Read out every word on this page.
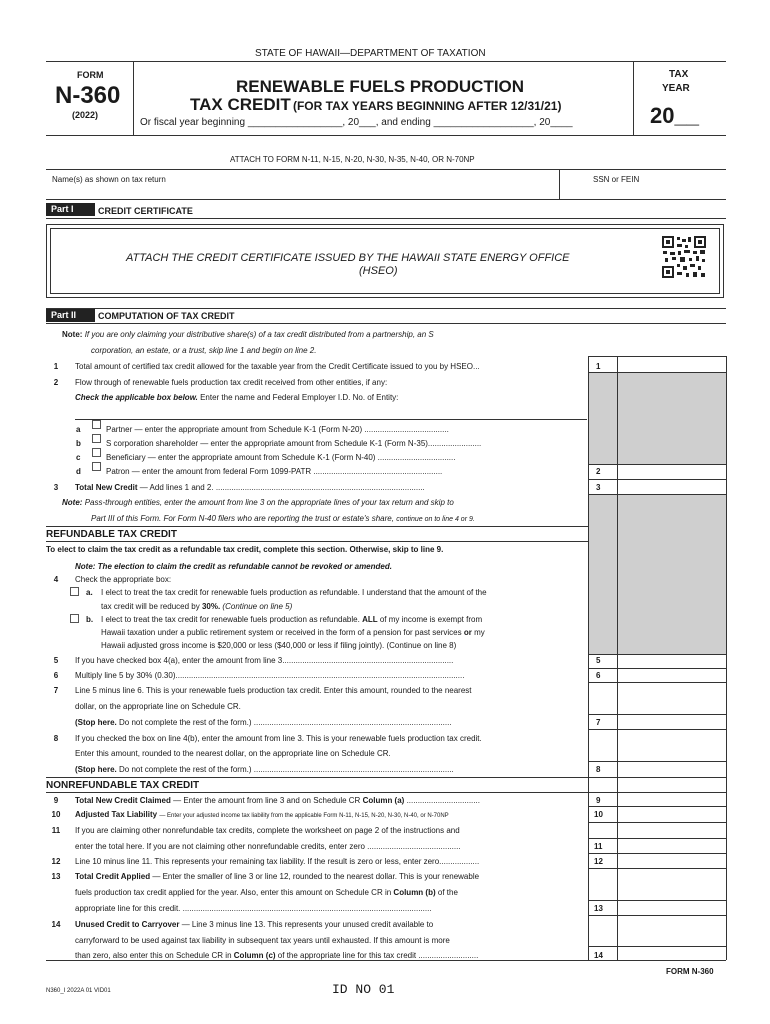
STATE OF HAWAII—DEPARTMENT OF TAXATION
FORM
N-360
(2022)
RENEWABLE FUELS PRODUCTION
TAX CREDIT (FOR TAX YEARS BEGINNING AFTER 12/31/21)
Or fiscal year beginning _________________, 20___, and ending __________________, 20____
TAX
YEAR
20__
ATTACH TO FORM N-11, N-15, N-20, N-30, N-35, N-40, OR N-70NP
Name(s) as shown on tax return	SSN or FEIN
Part I	CREDIT CERTIFICATE
ATTACH THE CREDIT CERTIFICATE ISSUED BY THE HAWAII STATE ENERGY OFFICE
(HSEO)
Part II	COMPUTATION OF TAX CREDIT
Note: If you are only claiming your distributive share(s) of a tax credit distributed from a partnership, an S
corporation, an estate, or a trust, skip line 1 and begin on line 2.
1	Total amount of certified tax credit allowed for the taxable year from the Credit Certificate issued to you by HSEO...	1
2	Flow through of renewable fuels production tax credit received from other entities, if any:
Check the applicable box below. Enter the name and Federal Employer I.D. No. of Entity:
a	Partner — enter the appropriate amount from Schedule K-1 (Form N-20) ......................................
b	S corporation shareholder — enter the appropriate amount from Schedule K-1 (Form N-35)........................
c	Beneficiary — enter the appropriate amount from Schedule K-1 (Form N-40) ...................................
d	Patron — enter the amount from federal Form 1099-PATR ..........................................................	2
3	Total New Credit — Add lines 1 and 2. ..............................................................................................	3
Note: Pass-through entities, enter the amount from line 3 on the appropriate lines of your tax return and skip to
Part III of this Form. For Form N-40 filers who are reporting the trust or estate's share, continue on to line 4 or 9.
REFUNDABLE TAX CREDIT
To elect to claim the tax credit as a refundable tax credit, complete this section. Otherwise, skip to line 9.
Note: The election to claim the credit as refundable cannot be revoked or amended.
4	Check the appropriate box:
a. I elect to treat the tax credit for renewable fuels production as refundable. I understand that the amount of the
tax credit will be reduced by 30%. (Continue on line 5)
b. I elect to treat the tax credit for renewable fuels production as refundable. ALL of my income is exempt from
Hawaii taxation under a public retirement system or received in the form of a pension for past services or my
Hawaii adjusted gross income is $20,000 or less ($40,000 or less if filing jointly). (Continue on line 8)
5	If you have checked box 4(a), enter the amount from line 3.............................................................................	5
6	Multiply line 5 by 30% (0.30)..................................................................................................................................	6
7	Line 5 minus line 6. This is your renewable fuels production tax credit. Enter this amount, rounded to the nearest
dollar, on the appropriate line on Schedule CR.
(Stop here. Do not complete the rest of the form.) .........................................................................................	7
8	If you checked the box on line 4(b), enter the amount from line 3. This is your renewable fuels production tax credit.
Enter this amount, rounded to the nearest dollar, on the appropriate line on Schedule CR.
(Stop here. Do not complete the rest of the form.) ..........................................................................................	8
NONREFUNDABLE TAX CREDIT
9	Total New Credit Claimed — Enter the amount from line 3 and on Schedule CR Column (a) .................................	9
10	Adjusted Tax Liability — Enter your adjusted income tax liability from the applicable Form N-11, N-15, N-20, N-30, N-40, or N-70NP	10
11	If you are claiming other nonrefundable tax credits, complete the worksheet on page 2 of the instructions and
enter the total here. If you are not claiming other nonrefundable credits, enter zero ..........................................	11
12	Line 10 minus line 11. This represents your remaining tax liability. If the result is zero or less, enter zero..................	12
13	Total Credit Applied — Enter the smaller of line 3 or line 12, rounded to the nearest dollar. This is your renewable
fuels production tax credit applied for the year. Also, enter this amount on Schedule CR in Column (b) of the
appropriate line for this credit. ................................................................................................................	13
14	Unused Credit to Carryover — Line 3 minus line 13. This represents your unused credit available to
carryforward to be used against tax liability in subsequent tax years until exhausted. If this amount is more
than zero, also enter this on Schedule CR in Column (c) of the appropriate line for this tax credit ...........................	14
FORM N-360
N360_I 2022A 01 VID01	ID NO 01
